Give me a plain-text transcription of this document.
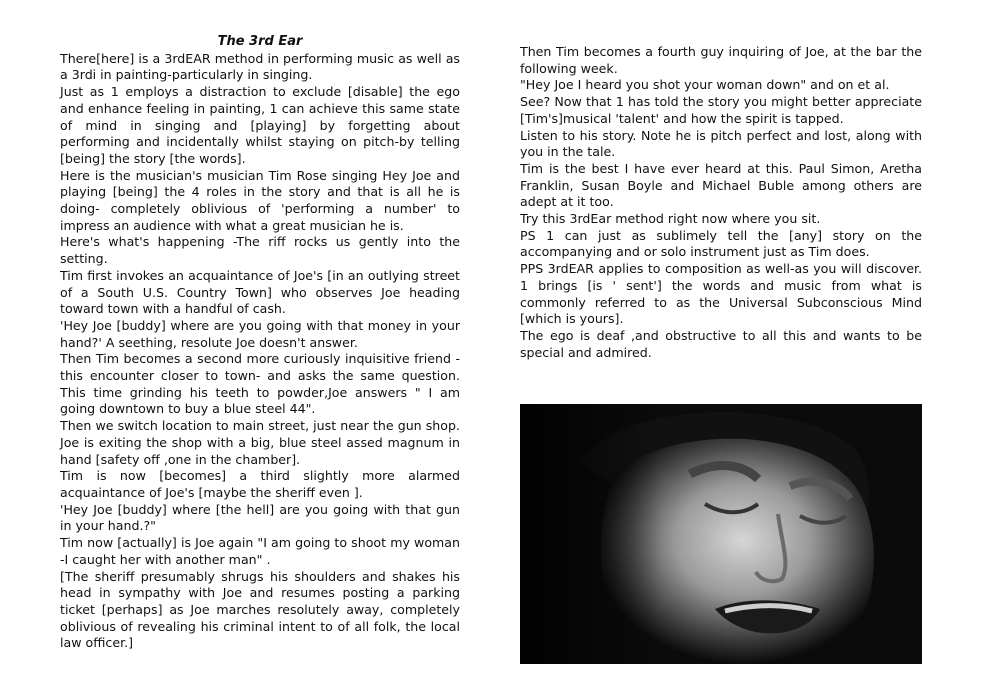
The 3rd Ear

There[here] is a 3rdEAR method in performing music as well as a 3rdi in painting-particularly in singing.

Just as 1 employs a distraction to exclude [disable] the ego and enhance feeling in painting, 1 can achieve this same state of mind in singing and [playing] by forgetting about performing and incidentally whilst staying on pitch-by telling [being] the story [the words].

Here is the musician's musician Tim Rose singing Hey Joe and playing [being] the 4 roles in the story and that is all he is doing- completely oblivious of 'performing a number' to impress an audience with what a great musician he is.

Here's what's happening -The riff rocks us gently into the setting.

Tim first invokes an acquaintance of Joe's [in an outlying street of a South U.S. Country Town] who observes Joe heading toward town with a handful of cash.

'Hey Joe [buddy] where are you going with that money in your hand?' A seething, resolute Joe doesn't answer.

Then Tim becomes a second more curiously inquisitive friend -this encounter closer to town- and asks the same question. This time grinding his teeth to powder,Joe answers " I am going downtown to buy a blue steel 44".

Then we switch location to main street, just near the gun shop. Joe is exiting the shop with a big, blue steel assed magnum in hand [safety off ,one in the chamber].

Tim is now [becomes] a third slightly more alarmed acquaintance of Joe's [maybe the sheriff even ].

'Hey Joe [buddy] where [the hell] are you going with that gun in your hand.?"

Tim now [actually] is Joe again "I am going to shoot my woman -I caught her with another man" .

[The sheriff presumably shrugs his shoulders and shakes his head in sympathy with Joe and resumes posting a parking ticket [perhaps] as Joe marches resolutely away, completely oblivious of revealing his criminal intent to of all folk, the local law officer.]

Then Tim becomes a fourth guy inquiring of Joe, at the bar the following week.

"Hey Joe I heard you shot your woman down" and on et al.

See? Now that 1 has told the story you might better appreciate [Tim's]musical 'talent' and how the spirit is tapped.

Listen to his story. Note he is pitch perfect and lost, along with you in the tale.

Tim is the best I have ever heard at this. Paul Simon, Aretha Franklin, Susan Boyle and Michael Buble among others are adept at it too.

Try this 3rdEar method right now where you sit.

PS 1 can just as sublimely tell the [any] story on the accompanying and or solo instrument just as Tim does.

PPS 3rdEAR applies to composition as well-as you will discover. 1 brings [is ' sent'] the words and music from what is commonly referred to as the Universal Subconscious Mind [which is yours].

The ego is deaf ,and obstructive to all this and wants to be special and admired.
